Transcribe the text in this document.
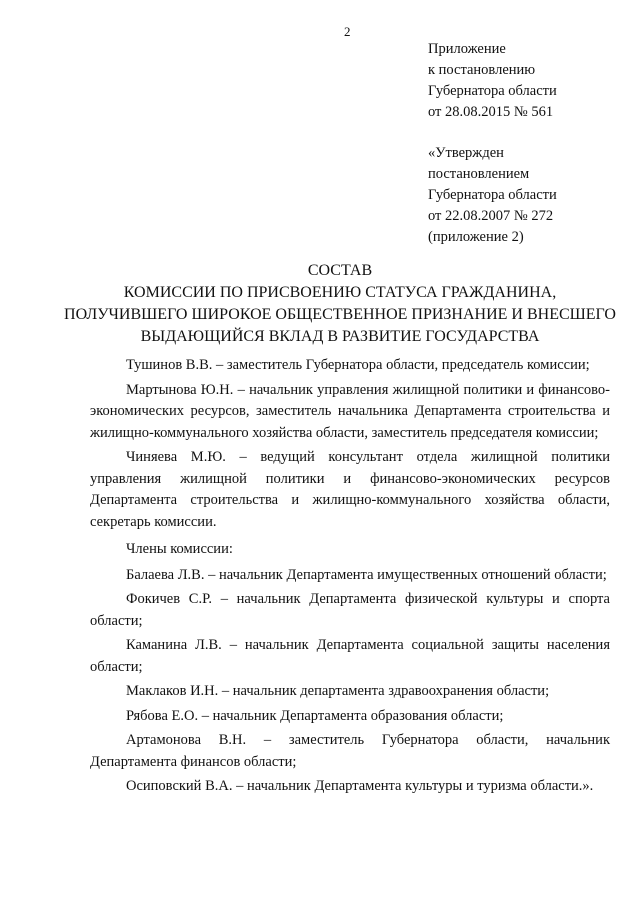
2
Приложение
к постановлению
Губернатора области
от 28.08.2015 № 561
«Утвержден
постановлением
Губернатора области
от 22.08.2007 № 272
(приложение 2)
СОСТАВ
КОМИССИИ ПО ПРИСВОЕНИЮ СТАТУСА ГРАЖДАНИНА,
ПОЛУЧИВШЕГО ШИРОКОЕ ОБЩЕСТВЕННОЕ ПРИЗНАНИЕ И ВНЕСШЕГО
ВЫДАЮЩИЙСЯ ВКЛАД В РАЗВИТИЕ ГОСУДАРСТВА

Тушинов В.В. – заместитель Губернатора области, председатель комиссии;

Мартынова Ю.Н. – начальник управления жилищной политики и финансово-экономических ресурсов, заместитель начальника Департамента строительства и жилищно-коммунального хозяйства области, заместитель председателя комиссии;

Чиняева М.Ю. – ведущий консультант отдела жилищной политики управления жилищной политики и финансово-экономических ресурсов Департамента строительства и жилищно-коммунального хозяйства области, секретарь комиссии.

Члены комиссии:

Балаева Л.В. – начальник Департамента имущественных отношений области;

Фокичев С.Р. – начальник Департамента физической культуры и спорта области;

Каманина Л.В. – начальник Департамента социальной защиты населения области;

Маклаков И.Н. – начальник департамента здравоохранения области;

Рябова Е.О. – начальник Департамента образования области;

Артамонова В.Н. – заместитель Губернатора области, начальник Департамента финансов области;

Осиповский В.А. – начальник Департамента культуры и туризма области.».
